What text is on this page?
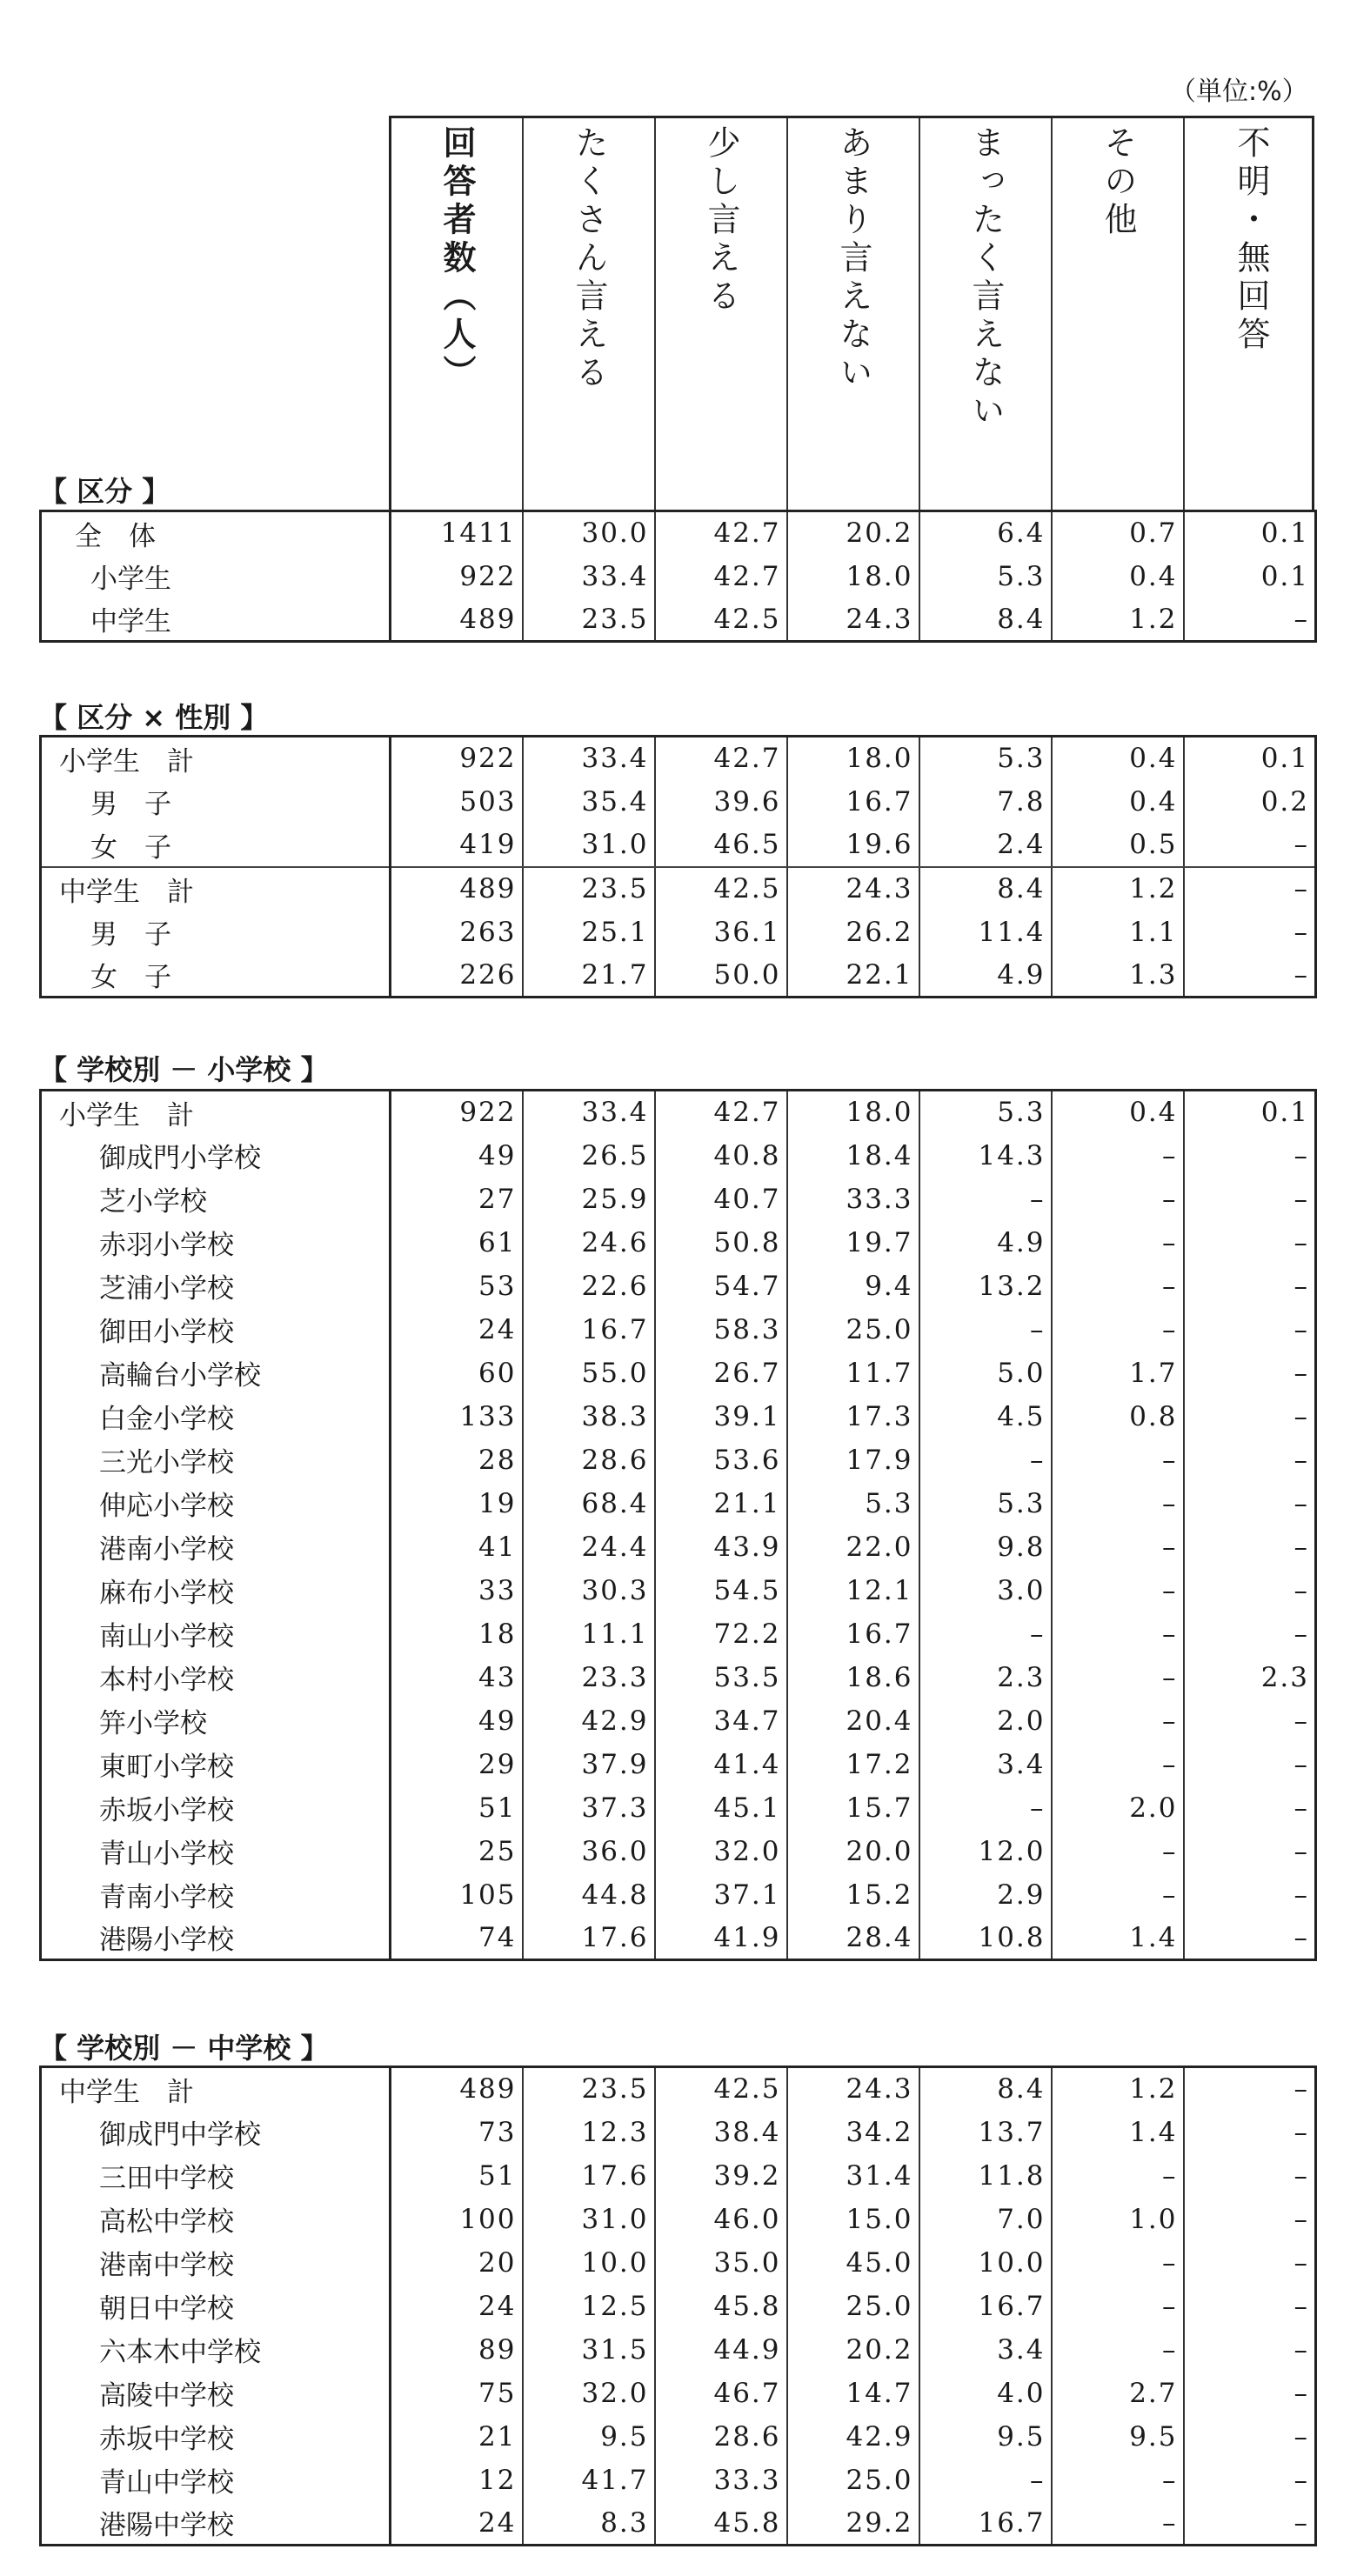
（単位:%）
回答者数（人）	たくさん言える	少し言える	あまり言えない	まったく言えない	その他	不明・無回答
【 区分 】
全　体	1411	30.0	42.7	20.2	6.4	0.7	0.1
小学生	922	33.4	42.7	18.0	5.3	0.4	0.1
中学生	489	23.5	42.5	24.3	8.4	1.2	–
【 区分 × 性別 】
小学生　計	922	33.4	42.7	18.0	5.3	0.4	0.1
男　子	503	35.4	39.6	16.7	7.8	0.4	0.2
女　子	419	31.0	46.5	19.6	2.4	0.5	–
中学生　計	489	23.5	42.5	24.3	8.4	1.2	–
男　子	263	25.1	36.1	26.2	11.4	1.1	–
女　子	226	21.7	50.0	22.1	4.9	1.3	–
【 学校別 － 小学校 】
小学生　計	922	33.4	42.7	18.0	5.3	0.4	0.1
御成門小学校	49	26.5	40.8	18.4	14.3	–	–
芝小学校	27	25.9	40.7	33.3	–	–	–
赤羽小学校	61	24.6	50.8	19.7	4.9	–	–
芝浦小学校	53	22.6	54.7	9.4	13.2	–	–
御田小学校	24	16.7	58.3	25.0	–	–	–
高輪台小学校	60	55.0	26.7	11.7	5.0	1.7	–
白金小学校	133	38.3	39.1	17.3	4.5	0.8	–
三光小学校	28	28.6	53.6	17.9	–	–	–
伸応小学校	19	68.4	21.1	5.3	5.3	–	–
港南小学校	41	24.4	43.9	22.0	9.8	–	–
麻布小学校	33	30.3	54.5	12.1	3.0	–	–
南山小学校	18	11.1	72.2	16.7	–	–	–
本村小学校	43	23.3	53.5	18.6	2.3	–	2.3
笄小学校	49	42.9	34.7	20.4	2.0	–	–
東町小学校	29	37.9	41.4	17.2	3.4	–	–
赤坂小学校	51	37.3	45.1	15.7	–	2.0	–
青山小学校	25	36.0	32.0	20.0	12.0	–	–
青南小学校	105	44.8	37.1	15.2	2.9	–	–
港陽小学校	74	17.6	41.9	28.4	10.8	1.4	–
【 学校別 － 中学校 】
中学生　計	489	23.5	42.5	24.3	8.4	1.2	–
御成門中学校	73	12.3	38.4	34.2	13.7	1.4	–
三田中学校	51	17.6	39.2	31.4	11.8	–	–
高松中学校	100	31.0	46.0	15.0	7.0	1.0	–
港南中学校	20	10.0	35.0	45.0	10.0	–	–
朝日中学校	24	12.5	45.8	25.0	16.7	–	–
六本木中学校	89	31.5	44.9	20.2	3.4	–	–
高陵中学校	75	32.0	46.7	14.7	4.0	2.7	–
赤坂中学校	21	9.5	28.6	42.9	9.5	9.5	–
青山中学校	12	41.7	33.3	25.0	–	–	–
港陽中学校	24	8.3	45.8	29.2	16.7	–	–
